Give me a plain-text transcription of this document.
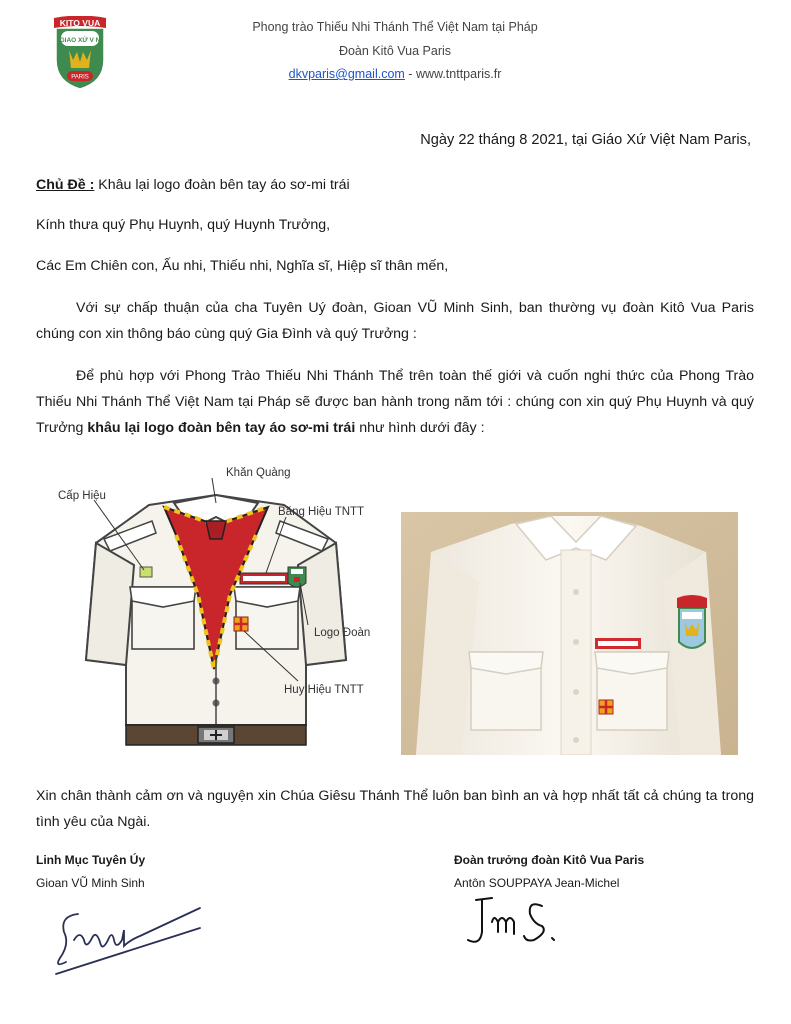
KITO VUA
GIAO XỨ V N
PARIS
Phong trào Thiếu Nhi Thánh Thể Việt Nam tại Pháp
Đoàn Kitô Vua Paris
dkvparis@gmail.com - www.tnttparis.fr
Ngày 22 tháng 8 2021, tại Giáo Xứ Việt Nam Paris,

Chủ Đề : Khâu lại logo đoàn bên tay áo sơ-mi trái

Kính thưa quý Phụ Huynh, quý Huynh Trưởng,

Các Em Chiên con, Ấu nhi, Thiếu nhi, Nghĩa sĩ, Hiệp sĩ thân mến,

Với sự chấp thuận của cha Tuyên Uý đoàn, Gioan VŨ Minh Sinh, ban thường vụ đoàn Kitô Vua Paris chúng con xin thông báo cùng quý Gia Đình và quý Trưởng :

Để phù hợp với Phong Trào Thiếu Nhi Thánh Thể trên toàn thế giới và cuốn nghi thức của Phong Trào Thiếu Nhi Thánh Thể Việt Nam tại Pháp sẽ được ban hành trong năm tới : chúng con xin quý Phụ Huynh và quý Trưởng khâu lại logo đoàn bên tay áo sơ-mi trái như hình dưới đây :

Khăn Quàng
Cấp Hiệu
Băng Hiệu TNTT
Logo Đoàn
Huy Hiệu TNTT

Xin chân thành cảm ơn và nguyện xin Chúa Giêsu Thánh Thể luôn ban bình an và hợp nhất tất cả chúng ta trong tình yêu của Ngài.

Linh Mục Tuyên Úy
Gioan VŨ Minh Sinh
Đoàn trưởng đoàn Kitô Vua Paris
Antôn SOUPPAYA Jean-Michel
